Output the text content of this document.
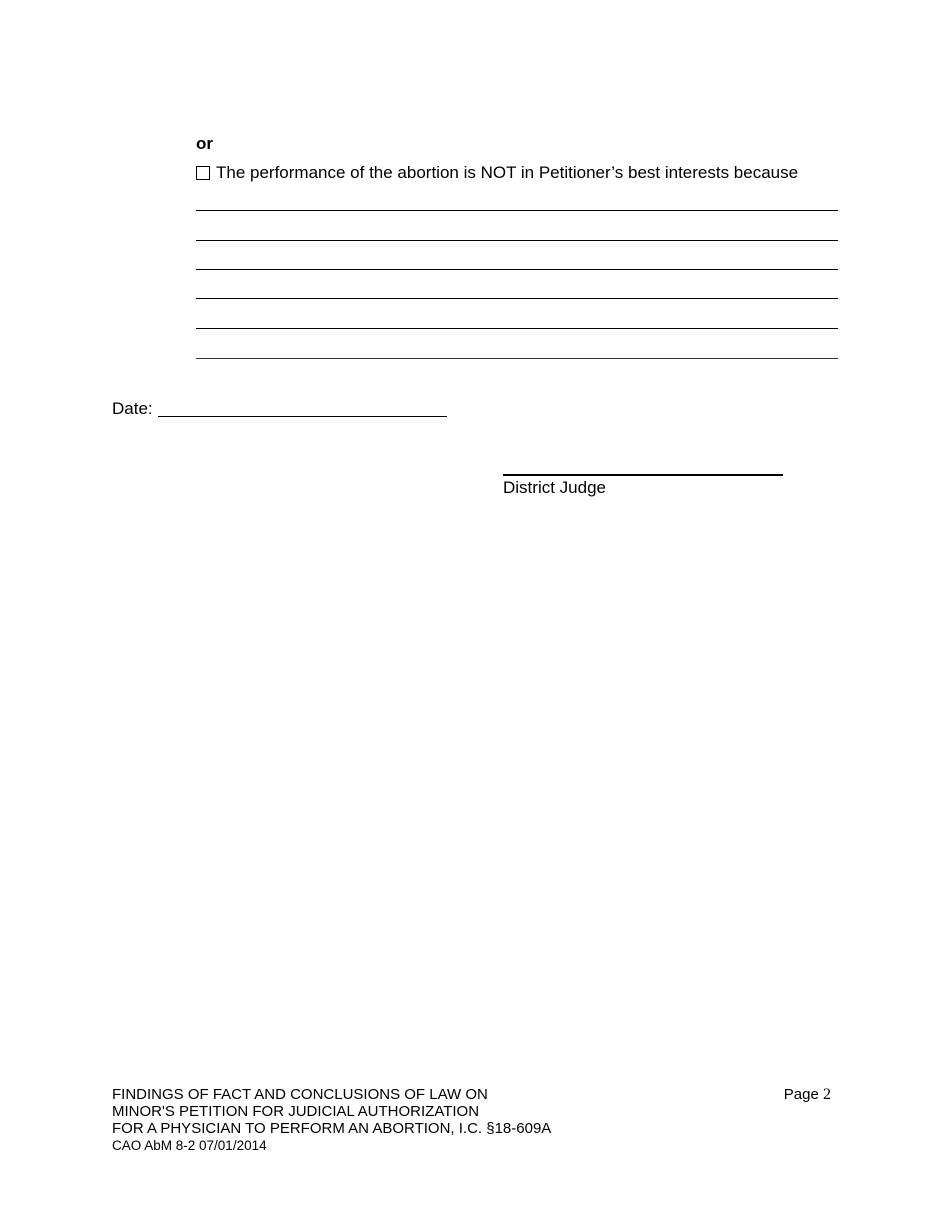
or
The performance of the abortion is NOT in Petitioner’s best interests because
Date:
District Judge
FINDINGS OF FACT AND CONCLUSIONS OF LAW ON
MINOR'S PETITION FOR JUDICIAL AUTHORIZATION
FOR A PHYSICIAN TO PERFORM AN ABORTION, I.C. §18-609A
CAO AbM 8-2 07/01/2014
Page 2
